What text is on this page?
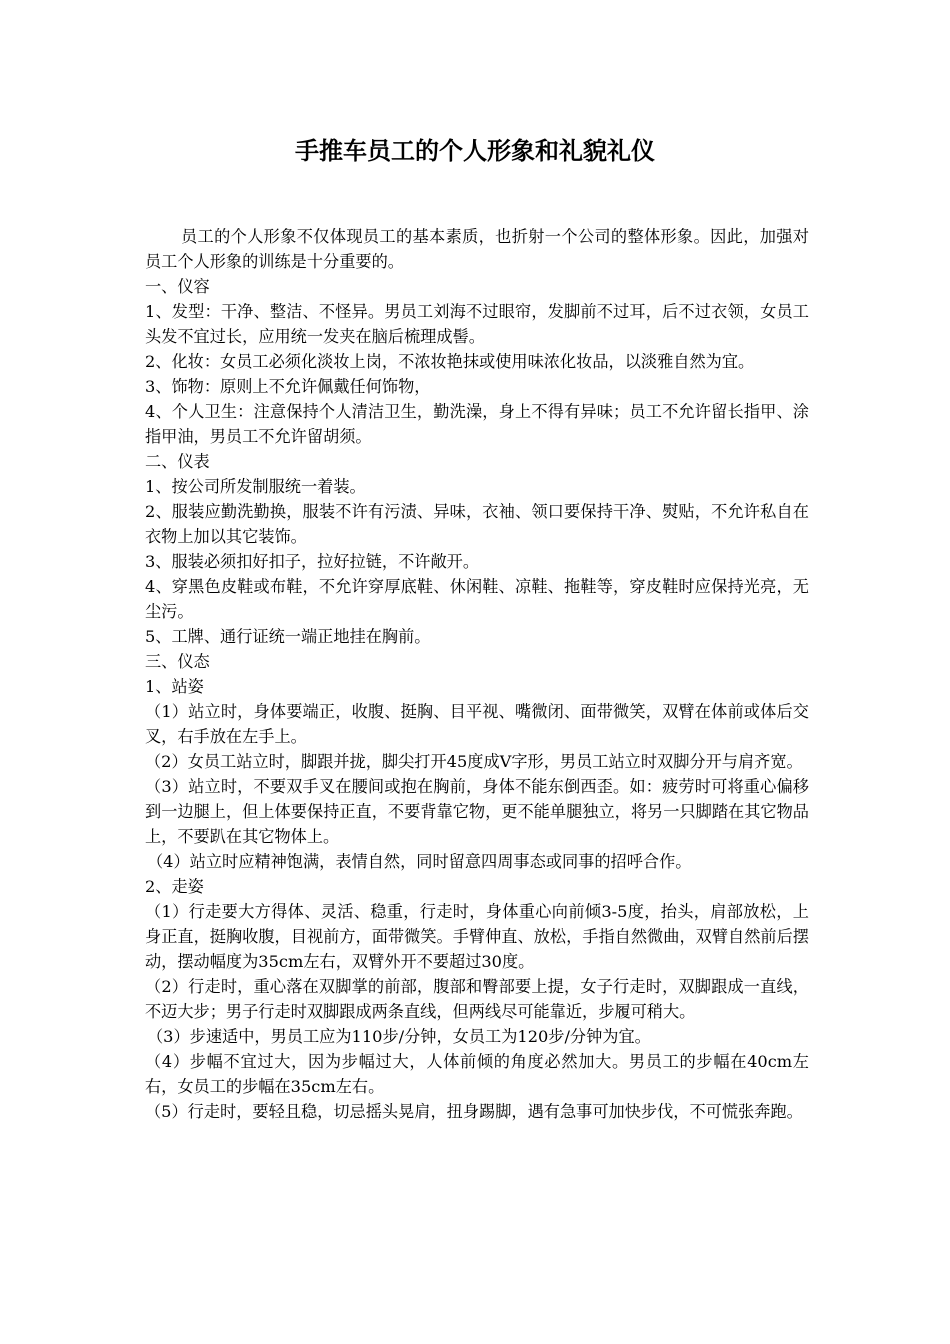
手推车员工的个人形象和礼貌礼仪

员工的个人形象不仅体现员工的基本素质，也折射一个公司的整体形象。因此，加强对员工个人形象的训练是十分重要的。

一、仪容

1、发型：干净、整洁、不怪异。男员工刘海不过眼帘，发脚前不过耳，后不过衣领，女员工头发不宜过长，应用统一发夹在脑后梳理成髻。

2、化妆：女员工必须化淡妆上岗，不浓妆艳抹或使用味浓化妆品，以淡雅自然为宜。

3、饰物：原则上不允许佩戴任何饰物，

4、个人卫生：注意保持个人清洁卫生，勤洗澡，身上不得有异味；员工不允许留长指甲、涂指甲油，男员工不允许留胡须。

二、仪表

1、按公司所发制服统一着装。

2、服装应勤洗勤换，服装不许有污渍、异味，衣袖、领口要保持干净、熨贴，不允许私自在衣物上加以其它装饰。

3、服装必须扣好扣子，拉好拉链，不许敞开。

4、穿黑色皮鞋或布鞋，不允许穿厚底鞋、休闲鞋、凉鞋、拖鞋等，穿皮鞋时应保持光亮，无尘污。

5、工牌、通行证统一端正地挂在胸前。

三、仪态

1、站姿

（1）站立时，身体要端正，收腹、挺胸、目平视、嘴微闭、面带微笑，双臂在体前或体后交叉，右手放在左手上。

（2）女员工站立时，脚跟并拢，脚尖打开45度成V字形，男员工站立时双脚分开与肩齐宽。

（3）站立时，不要双手叉在腰间或抱在胸前，身体不能东倒西歪。如：疲劳时可将重心偏移到一边腿上，但上体要保持正直，不要背靠它物，更不能单腿独立，将另一只脚踏在其它物品上，不要趴在其它物体上。

（4）站立时应精神饱满，表情自然，同时留意四周事态或同事的招呼合作。

2、走姿

（1）行走要大方得体、灵活、稳重，行走时，身体重心向前倾3-5度，抬头，肩部放松，上身正直，挺胸收腹，目视前方，面带微笑。手臂伸直、放松，手指自然微曲，双臂自然前后摆动，摆动幅度为35cm左右，双臂外开不要超过30度。

（2）行走时，重心落在双脚掌的前部，腹部和臀部要上提，女子行走时，双脚跟成一直线，不迈大步；男子行走时双脚跟成两条直线，但两线尽可能靠近，步履可稍大。

（3）步速适中，男员工应为110步/分钟，女员工为120步/分钟为宜。

（4）步幅不宜过大，因为步幅过大，人体前倾的角度必然加大。男员工的步幅在40cm左右，女员工的步幅在35cm左右。

（5）行走时，要轻且稳，切忌摇头晃肩，扭身踢脚，遇有急事可加快步伐，不可慌张奔跑。
